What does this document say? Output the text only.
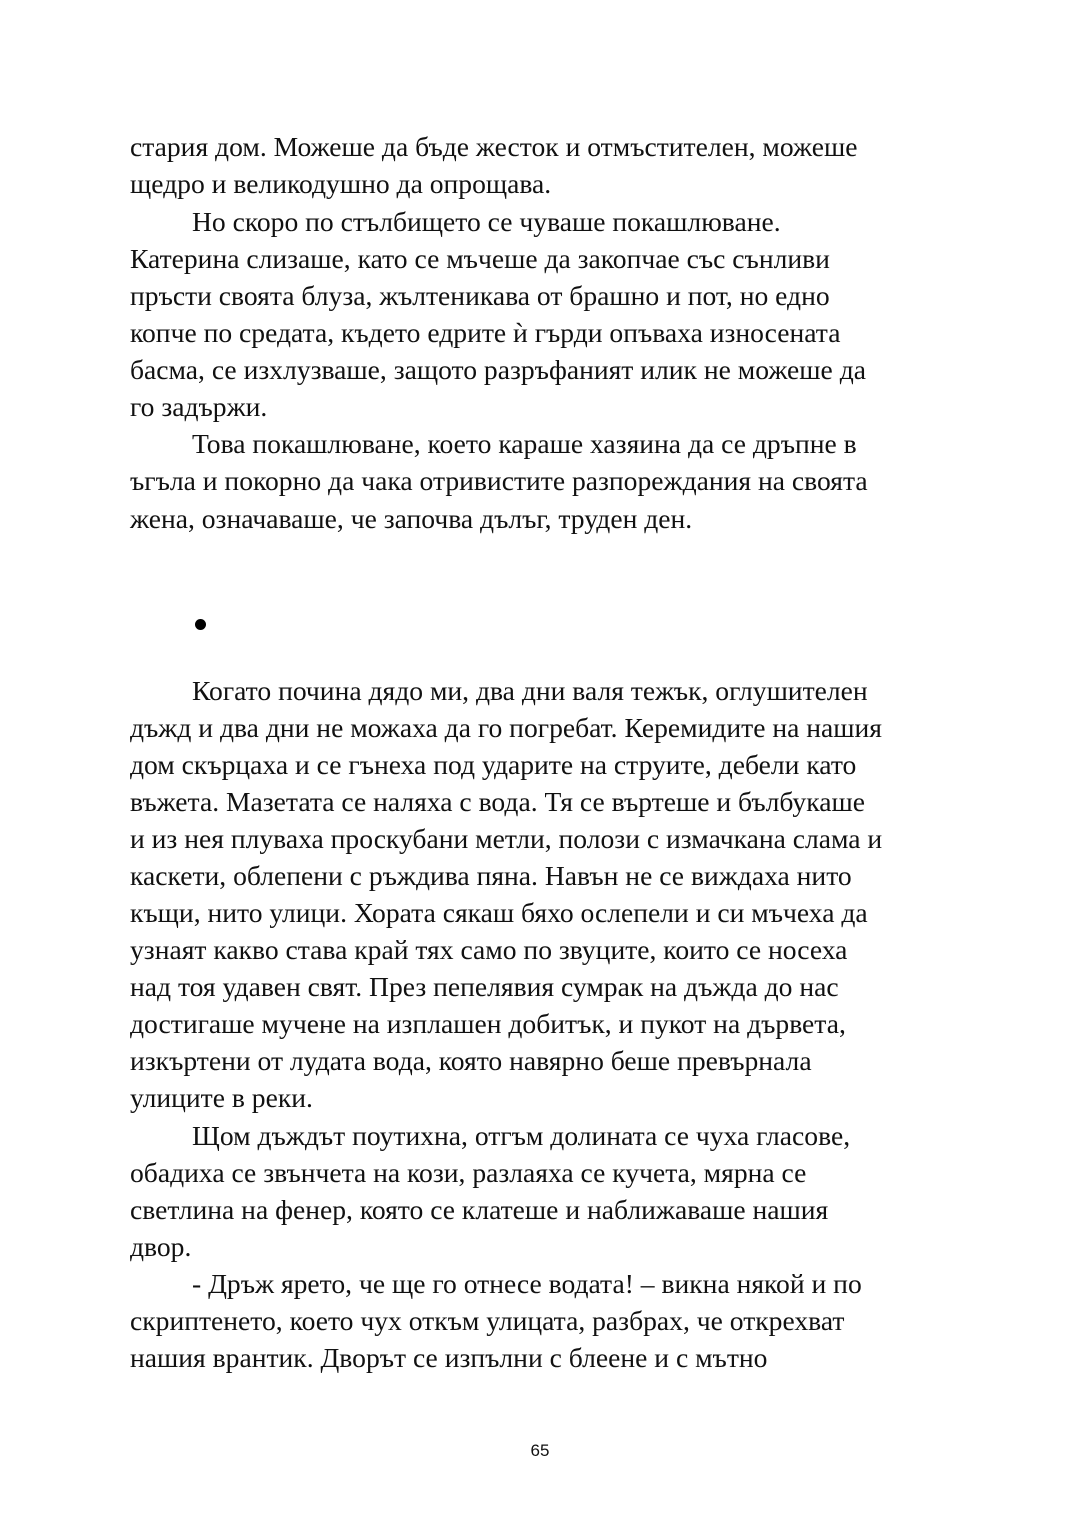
стария дом. Можеше да бъде жесток и отмъстителен, можеше
щедро и великодушно да опрощава.
Но скоро по стълбището се чуваше покашлюване.
Катерина слизаше, като се мъчеше да закопчае със сънливи
пръсти своята блуза, жълтеникава от брашно и пот, но едно
копче по средата, където едрите ѝ гърди опъваха износената
басма, се изхлузваше, защото разръфаният илик не можеше да
го задържи.
Това покашлюване, което караше хазяина да се дръпне в
ъгъла и покорно да чака отривистите разпореждания на своята
жена, означаваше, че започва дълъг, труден ден.
Когато почина дядо ми, два дни валя тежък, оглушителен
дъжд и два дни не можаха да го погребат. Керемидите на нашия
дом скърцаха и се гънеха под ударите на струите, дебели като
въжета. Мазетата се наляха с вода. Тя се въртеше и бълбукаше
и из нея плуваха проскубани метли, полози с измачкана слама и
каскети, облепени с ръждива пяна. Навън не се виждаха нито
къщи, нито улици. Хората сякаш бяхо ослепели и си мъчеха да
узнаят какво става край тях само по звуците, които се носеха
над тоя удавен свят. През пепелявия сумрак на дъжда до нас
достигаше мучене на изплашен добитък, и пукот на дървета,
изкъртени от лудата вода, която навярно беше превърнала
улиците в реки.
Щом дъждът поутихна, отгъм долината се чуха гласове,
обадиха се звънчета на кози, разлаяха се кучета, мярна се
светлина на фенер, която се клатеше и наближаваше нашия
двор.
- Дръж ярето, че ще го отнесе водата! – викна някой и по
скриптенето, което чух откъм улицата, разбрах, че открехват
нашия врантик. Дворът се изпълни с блеене и с мътно
65
